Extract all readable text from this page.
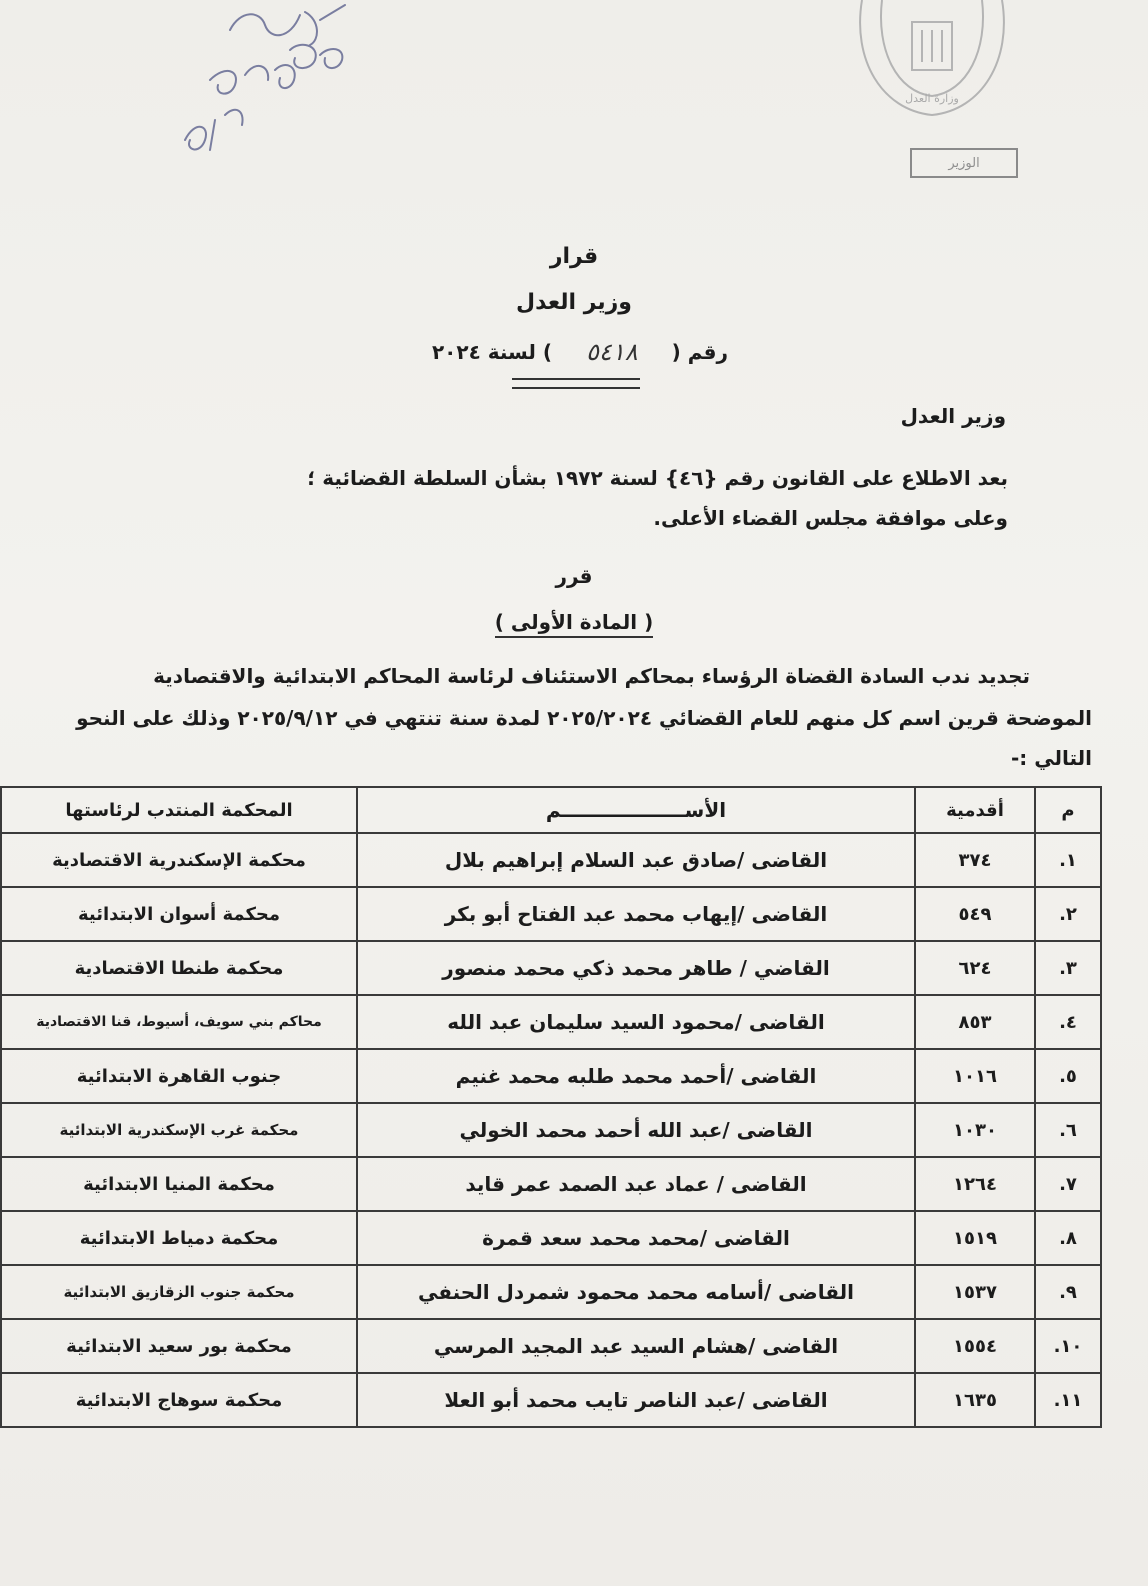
وزارة العدل
الوزير
قرار
وزير العدل
رقم (
٥٤١٨
) لسنة ٢٠٢٤
وزير العدل
بعد الاطلاع على القانون رقم {٤٦} لسنة ١٩٧٢ بشأن السلطة القضائية ؛
وعلى موافقة مجلس القضاء الأعلى.
قرر
( المادة الأولى )
تجديد ندب السادة القضاة الرؤساء بمحاكم الاستئناف لرئاسة المحاكم الابتدائية والاقتصادية
الموضحة قرين اسم كل منهم للعام القضائي ٢٠٢٥/٢٠٢٤ لمدة سنة تنتهي في ٢٠٢٥/٩/١٢ وذلك على النحو
التالي :-
م	أقدمية	الأســــــــــــــــــم	المحكمة المنتدب لرئاستها
١.	٣٧٤	القاضى /صادق عبد السلام إبراهيم بلال	محكمة الإسكندرية الاقتصادية
٢.	٥٤٩	القاضى /إيهاب محمد عبد الفتاح أبو بكر	محكمة أسوان الابتدائية
٣.	٦٢٤	القاضي / طاهر محمد ذكي محمد منصور	محكمة طنطا الاقتصادية
٤.	٨٥٣	القاضى /محمود السيد سليمان عبد الله	محاكم بني سويف، أسيوط، قنا الاقتصادية
٥.	١٠١٦	القاضى /أحمد محمد طلبه محمد غنيم	جنوب القاهرة الابتدائية
٦.	١٠٣٠	القاضى /عبد الله أحمد محمد الخولي	محكمة غرب الإسكندرية الابتدائية
٧.	١٢٦٤	القاضى / عماد عبد الصمد عمر قايد	محكمة المنيا الابتدائية
٨.	١٥١٩	القاضى /محمد محمد سعد قمرة	محكمة دمياط الابتدائية
٩.	١٥٣٧	القاضى /أسامه محمد محمود شمردل الحنفي	محكمة جنوب الزقازيق الابتدائية
١٠.	١٥٥٤	القاضى /هشام السيد عبد المجيد المرسي	محكمة بور سعيد الابتدائية
١١.	١٦٣٥	القاضى /عبد الناصر تايب محمد أبو العلا	محكمة سوهاج الابتدائية
